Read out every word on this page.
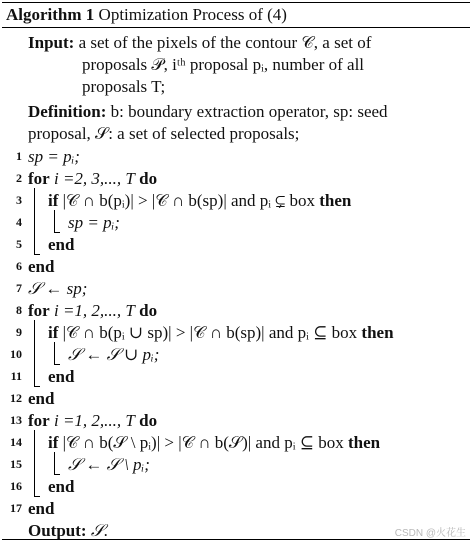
Algorithm 1 Optimization Process of (4)
Input: a set of the pixels of the contour 𝒞, a set of
proposals 𝒫, iᵗʰ proposal pᵢ, number of all
proposals T;
Definition: b: boundary extraction operator, sp: seed
proposal, 𝒮: a set of selected proposals;
1 sp = pᵢ;
2 for i =2, 3,..., T do
3 if |𝒞 ∩ b(pᵢ)| > |𝒞 ∩ b(sp)| and pᵢ ⊊ box then
4	sp = pᵢ;
5 end
6 end
7 𝒮 ← sp;
8 for i =1, 2,..., T do
9 if |𝒞 ∩ b(pᵢ ∪ sp)| > |𝒞 ∩ b(sp)| and pᵢ ⊆ box then
10	𝒮 ← 𝒮 ∪ pᵢ;
11 end
12 end
13 for i =1, 2,..., T do
14 if |𝒞 ∩ b(𝒮 \ pᵢ)| > |𝒞 ∩ b(𝒮)| and pᵢ ⊆ box then
15	𝒮 ← 𝒮 \ pᵢ;
16 end
17 end
Output: 𝒮.	CSDN @火花生
